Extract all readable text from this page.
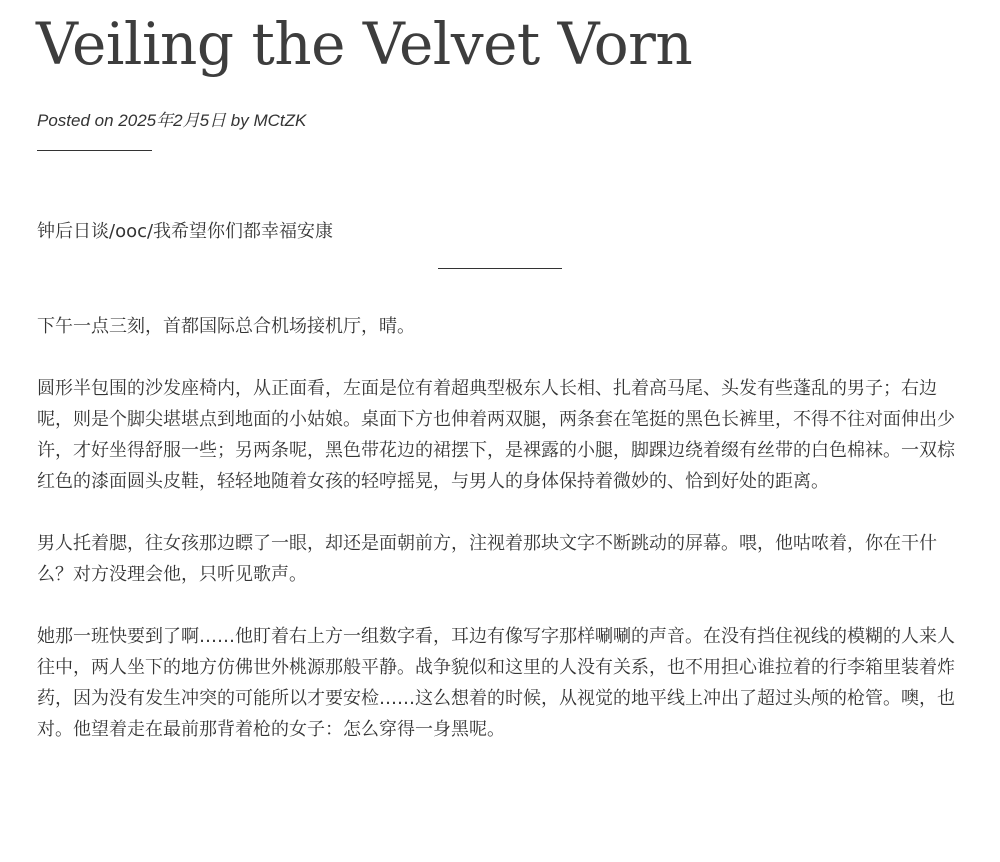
Veiling the Velvet Vorn
Posted on 2025年2月5日 by MCtZK

钟后日谈/ooc/我希望你们都幸福安康

下午一点三刻，首都国际总合机场接机厅，晴。

圆形半包围的沙发座椅内，从正面看，左面是位有着超典型极东人长相、扎着高马尾、头发有些蓬乱的男子；右边呢，则是个脚尖堪堪点到地面的小姑娘。桌面下方也伸着两双腿，两条套在笔挺的黑色长裤里，不得不往对面伸出少许，才好坐得舒服一些；另两条呢，黑色带花边的裙摆下，是裸露的小腿，脚踝边绕着缀有丝带的白色棉袜。一双棕红色的漆面圆头皮鞋，轻轻地随着女孩的轻哼摇晃，与男人的身体保持着微妙的、恰到好处的距离。

男人托着腮，往女孩那边瞟了一眼，却还是面朝前方，注视着那块文字不断跳动的屏幕。喂，他咕哝着，你在干什么？对方没理会他，只听见歌声。

她那一班快要到了啊……他盯着右上方一组数字看，耳边有像写字那样唰唰的声音。在没有挡住视线的模糊的人来人往中，两人坐下的地方仿佛世外桃源那般平静。战争貌似和这里的人没有关系，也不用担心谁拉着的行李箱里装着炸药，因为没有发生冲突的可能所以才要安检……这么想着的时候，从视觉的地平线上冲出了超过头颅的枪管。噢，也对。他望着走在最前那背着枪的女子：怎么穿得一身黑呢。
